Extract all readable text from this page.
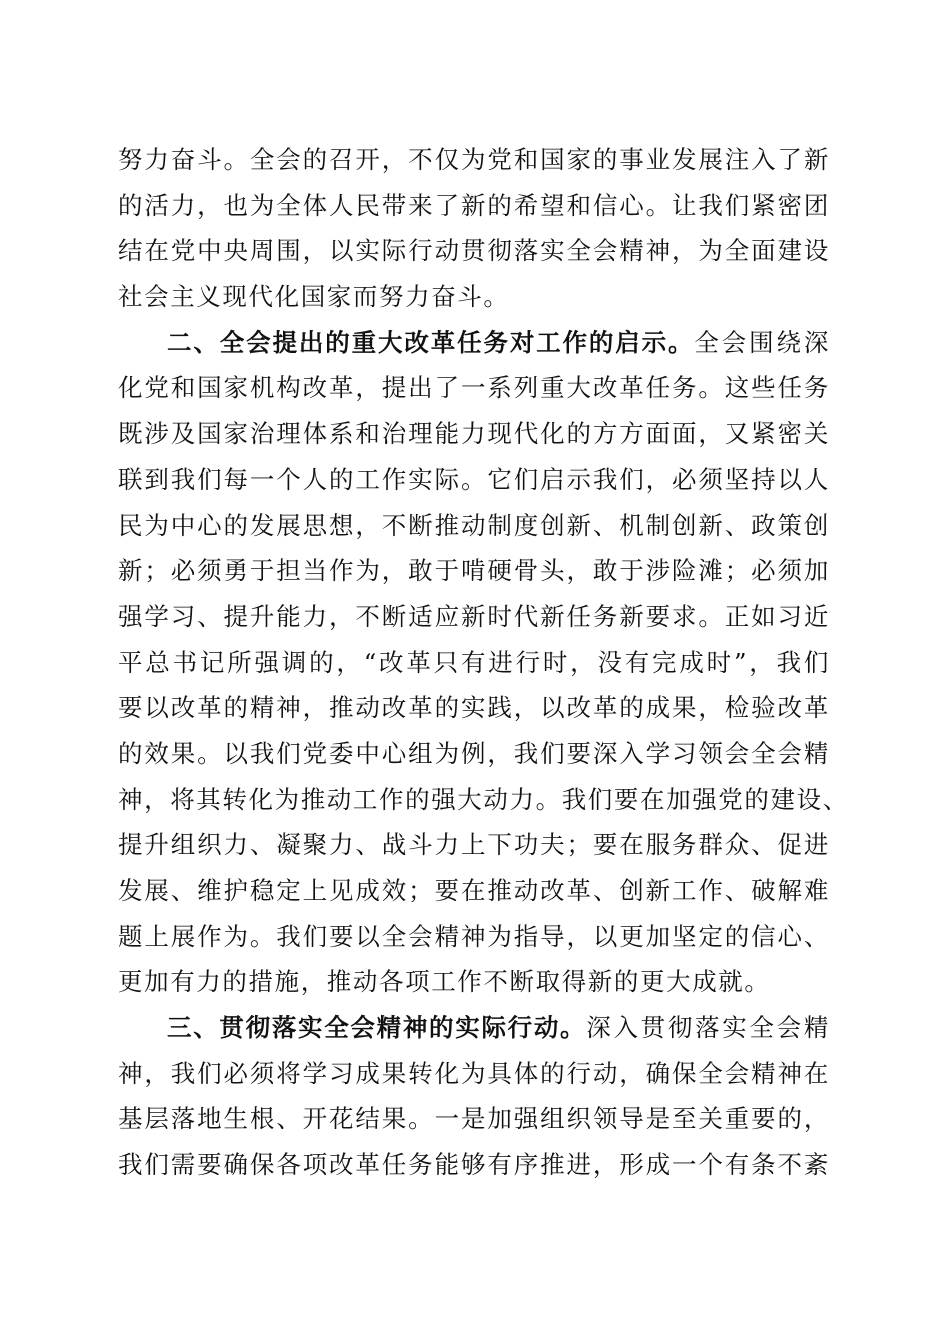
努力奋斗。全会的召开，不仅为党和国家的事业发展注入了新
的活力，也为全体人民带来了新的希望和信心。让我们紧密团
结在党中央周围，以实际行动贯彻落实全会精神，为全面建设
社会主义现代化国家而努力奋斗。
二、全会提出的重大改革任务对工作的启示。全会围绕深
化党和国家机构改革，提出了一系列重大改革任务。这些任务
既涉及国家治理体系和治理能力现代化的方方面面，又紧密关
联到我们每一个人的工作实际。它们启示我们，必须坚持以人
民为中心的发展思想，不断推动制度创新、机制创新、政策创
新；必须勇于担当作为，敢于啃硬骨头，敢于涉险滩；必须加
强学习、提升能力，不断适应新时代新任务新要求。正如习近
平总书记所强调的，“改革只有进行时，没有完成时”，我们
要以改革的精神，推动改革的实践，以改革的成果，检验改革
的效果。以我们党委中心组为例，我们要深入学习领会全会精
神，将其转化为推动工作的强大动力。我们要在加强党的建设、
提升组织力、凝聚力、战斗力上下功夫；要在服务群众、促进
发展、维护稳定上见成效；要在推动改革、创新工作、破解难
题上展作为。我们要以全会精神为指导，以更加坚定的信心、
更加有力的措施，推动各项工作不断取得新的更大成就。
三、贯彻落实全会精神的实际行动。深入贯彻落实全会精
神，我们必须将学习成果转化为具体的行动，确保全会精神在
基层落地生根、开花结果。一是加强组织领导是至关重要的，
我们需要确保各项改革任务能够有序推进，形成一个有条不紊
